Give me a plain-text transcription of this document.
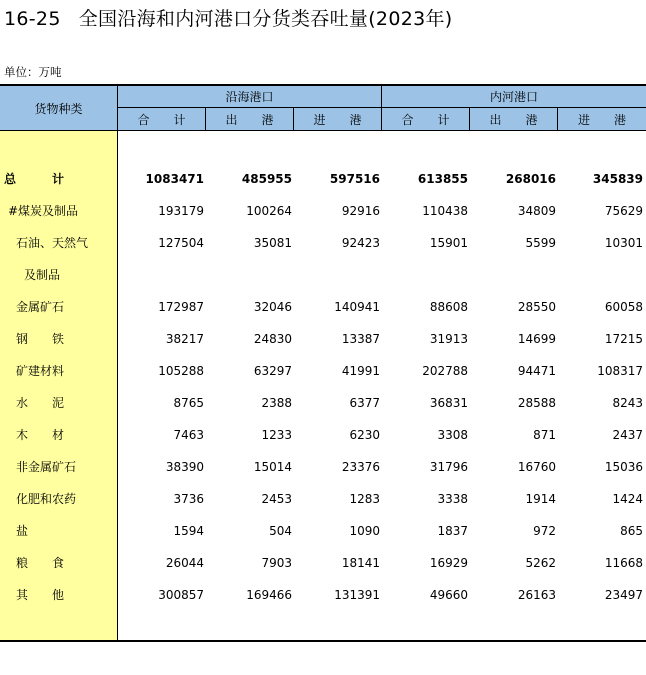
16-25 全国沿海和内河港口分货类吞吐量(2023年)
单位：万吨
货物种类
沿海港口	内河港口
合　　计	出　　港	进　　港	合　　计	出　　港	进　　港
总　　　计	1083471	485955	597516	613855	268016	345839
#煤炭及制品	193179	100264	92916	110438	34809	75629
石油、天然气	127504	35081	92423	15901	5599	10301
及制品
金属矿石	172987	32046	140941	88608	28550	60058
钢　　铁	38217	24830	13387	31913	14699	17215
矿建材料	105288	63297	41991	202788	94471	108317
水　　泥	8765	2388	6377	36831	28588	8243
木　　材	7463	1233	6230	3308	871	2437
非金属矿石	38390	15014	23376	31796	16760	15036
化肥和农药	3736	2453	1283	3338	1914	1424
盐	1594	504	1090	1837	972	865
粮　　食	26044	7903	18141	16929	5262	11668
其　　他	300857	169466	131391	49660	26163	23497
